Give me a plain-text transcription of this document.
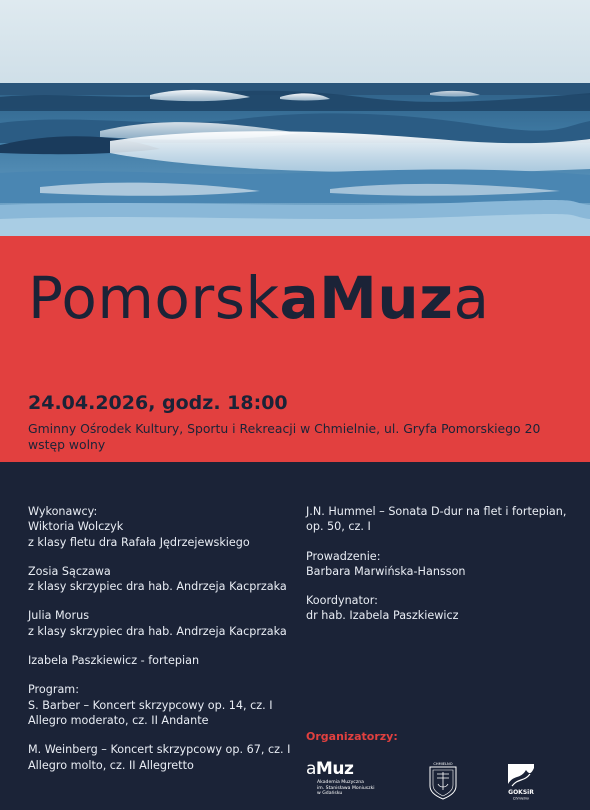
PomorskaMuza
24.04.2026, godz. 18:00
Gminny Ośrodek Kultury, Sportu i Rekreacji w Chmielnie, ul. Gryfa Pomorskiego 20
wstęp wolny

Wykonawcy:

Wiktoria Wolczyk

z klasy fletu dra Rafała Jędrzejewskiego

Zosia Sączawa

z klasy skrzypiec dra hab. Andrzeja Kacprzaka

Julia Morus

z klasy skrzypiec dra hab. Andrzeja Kacprzaka

Izabela Paszkiewicz - fortepian

Program:

S. Barber – Koncert skrzypcowy op. 14, cz. I

Allegro moderato, cz. II Andante

M. Weinberg – Koncert skrzypcowy op. 67, cz. I

Allegro molto, cz. II Allegretto

J.N. Hummel – Sonata D-dur na flet i fortepian,

op. 50, cz. I

Prowadzenie:

Barbara Marwińska-Hansson

Koordynator:

dr hab. Izabela Paszkiewicz

Organizatorzy:
aMuz
Akademia Muzyczna
im. Stanisława Moniuszki
w Gdańsku
CHMIELNO
GOKSiR
Chmielno
